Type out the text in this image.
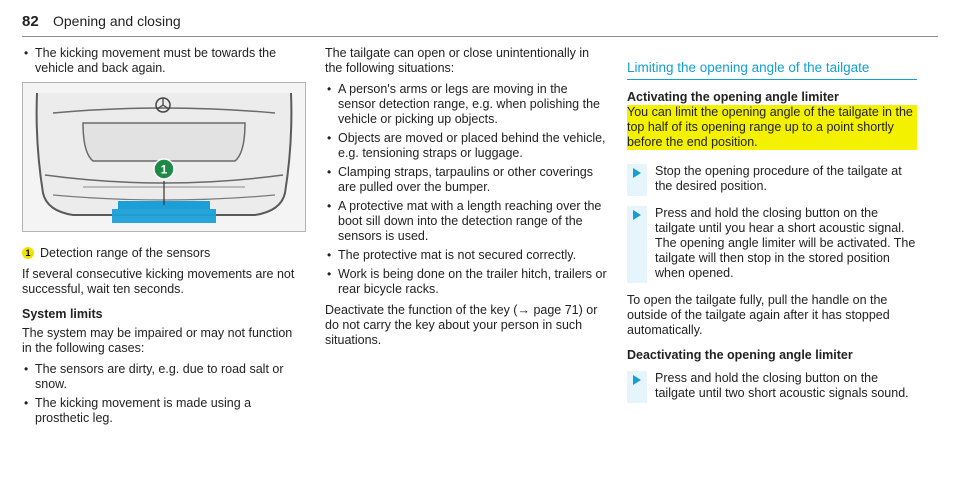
82 Opening and closing
• The kicking movement must be towards the vehicle and back again.
1
1 Detection range of the sensors

If several consecutive kicking movements are not successful, wait ten seconds.

System limits

The system may be impaired or may not function in the following cases:

• The sensors are dirty, e.g. due to road salt or snow.
• The kicking movement is made using a prosthetic leg.

The tailgate can open or close unintentionally in the following situations:

• A person's arms or legs are moving in the sensor detection range, e.g. when polishing the vehicle or picking up objects.
• Objects are moved or placed behind the vehicle, e.g. tensioning straps or luggage.
• Clamping straps, tarpaulins or other coverings are pulled over the bumper.
• A protective mat with a length reaching over the boot sill down into the detection range of the sensors is used.
• The protective mat is not secured correctly.
• Work is being done on the trailer hitch, trailers or rear bicycle racks.

Deactivate the function of the key (→ page 71) or do not carry the key about your person in such situations.

Limiting the opening angle of the tailgate
Activating the opening angle limiter
You can limit the opening angle of the tailgate in the top half of its opening range up to a point shortly before the end position.
Stop the opening procedure of the tailgate at the desired position.
Press and hold the closing button on the tailgate until you hear a short acoustic signal. The opening angle limiter will be activated. The tailgate will then stop in the stored position when opened.

To open the tailgate fully, pull the handle on the outside of the tailgate again after it has stopped automatically.

Deactivating the opening angle limiter
Press and hold the closing button on the tailgate until two short acoustic signals sound.
